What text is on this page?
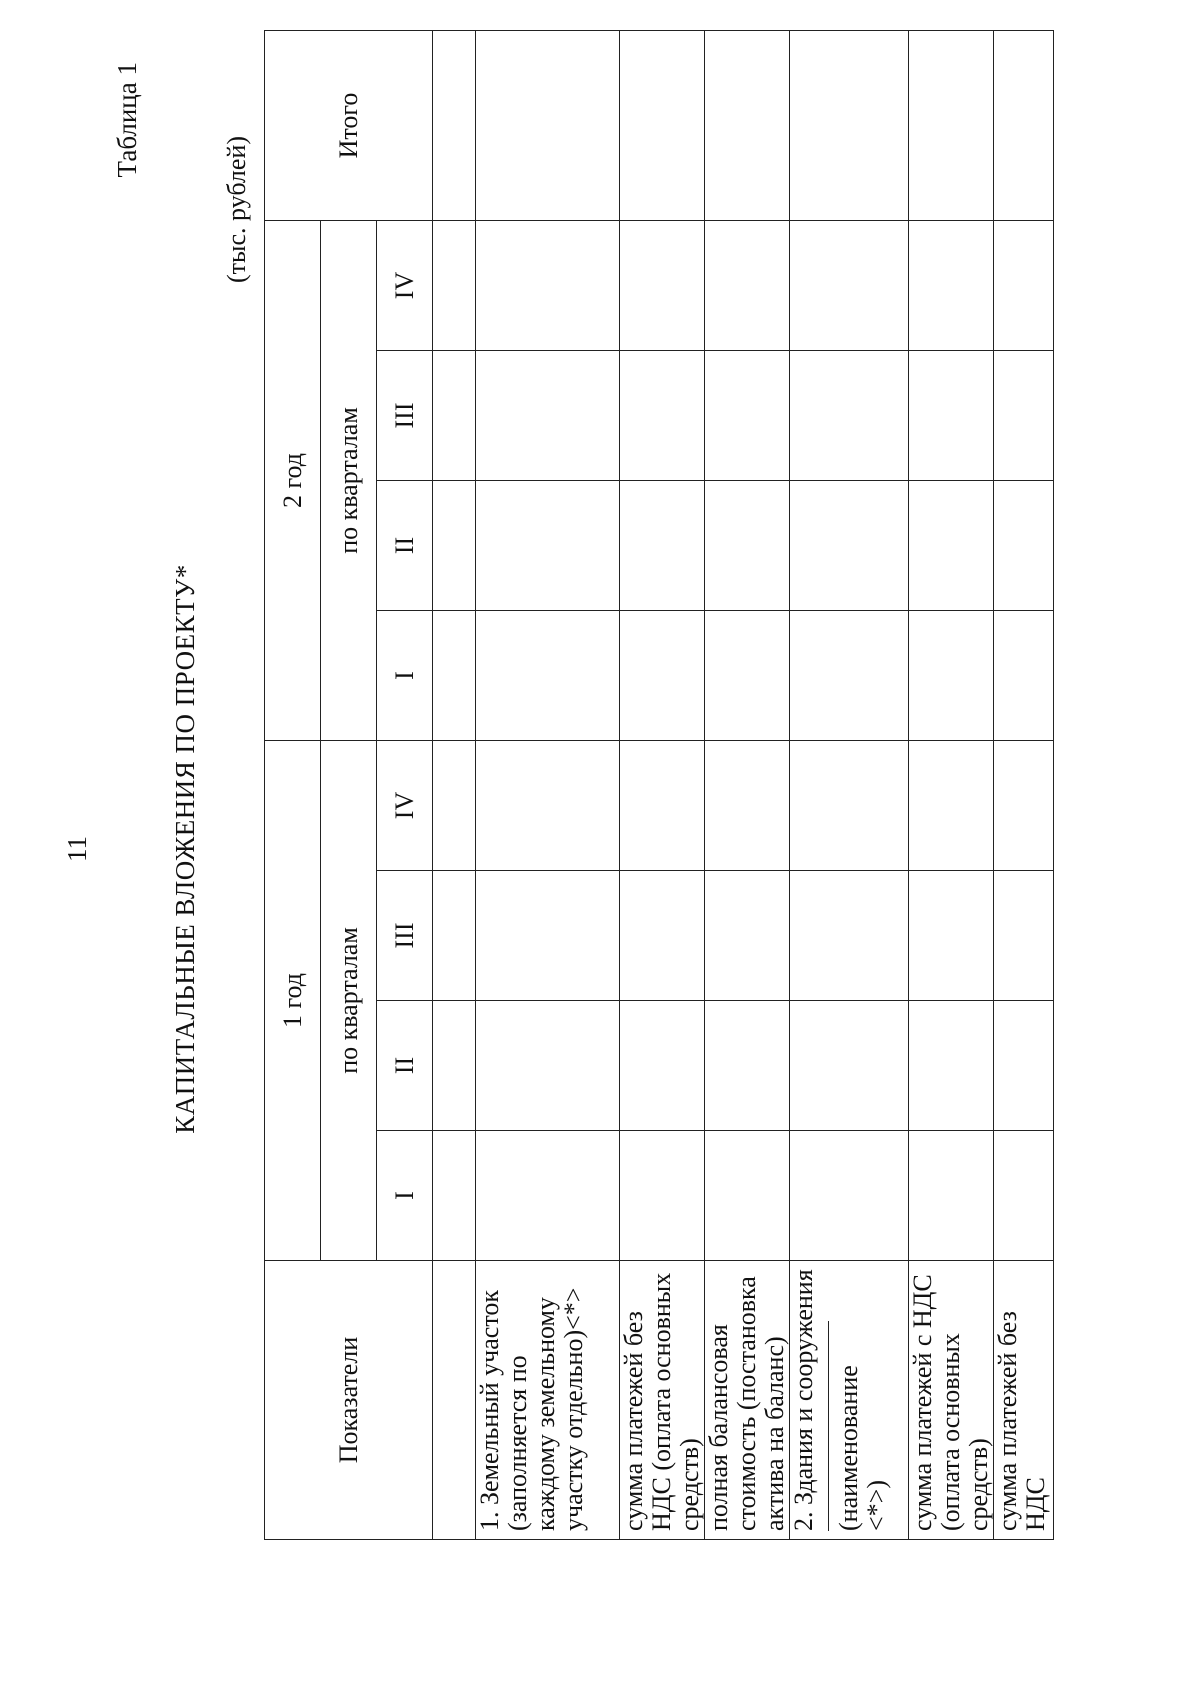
11
Таблица 1
КАПИТАЛЬНЫЕ ВЛОЖЕНИЯ ПО ПРОЕКТУ*
(тыс. рублей)
Показатели	1 год				2 год				Итого
	по кварталам				по кварталам				
	I	II	III	IV	I	II	III	IV	

1. Земельный участок (заполняется по каждому земельному участку отдельно)<*>									
сумма платежей без НДС (оплата основных средств)									
полная балансовая стоимость (постановка актива на баланс)									

2. Здания и сооружения (наименование <*>)									

сумма платежей с НДС (оплата основных средств)									
сумма платежей без НДС									
